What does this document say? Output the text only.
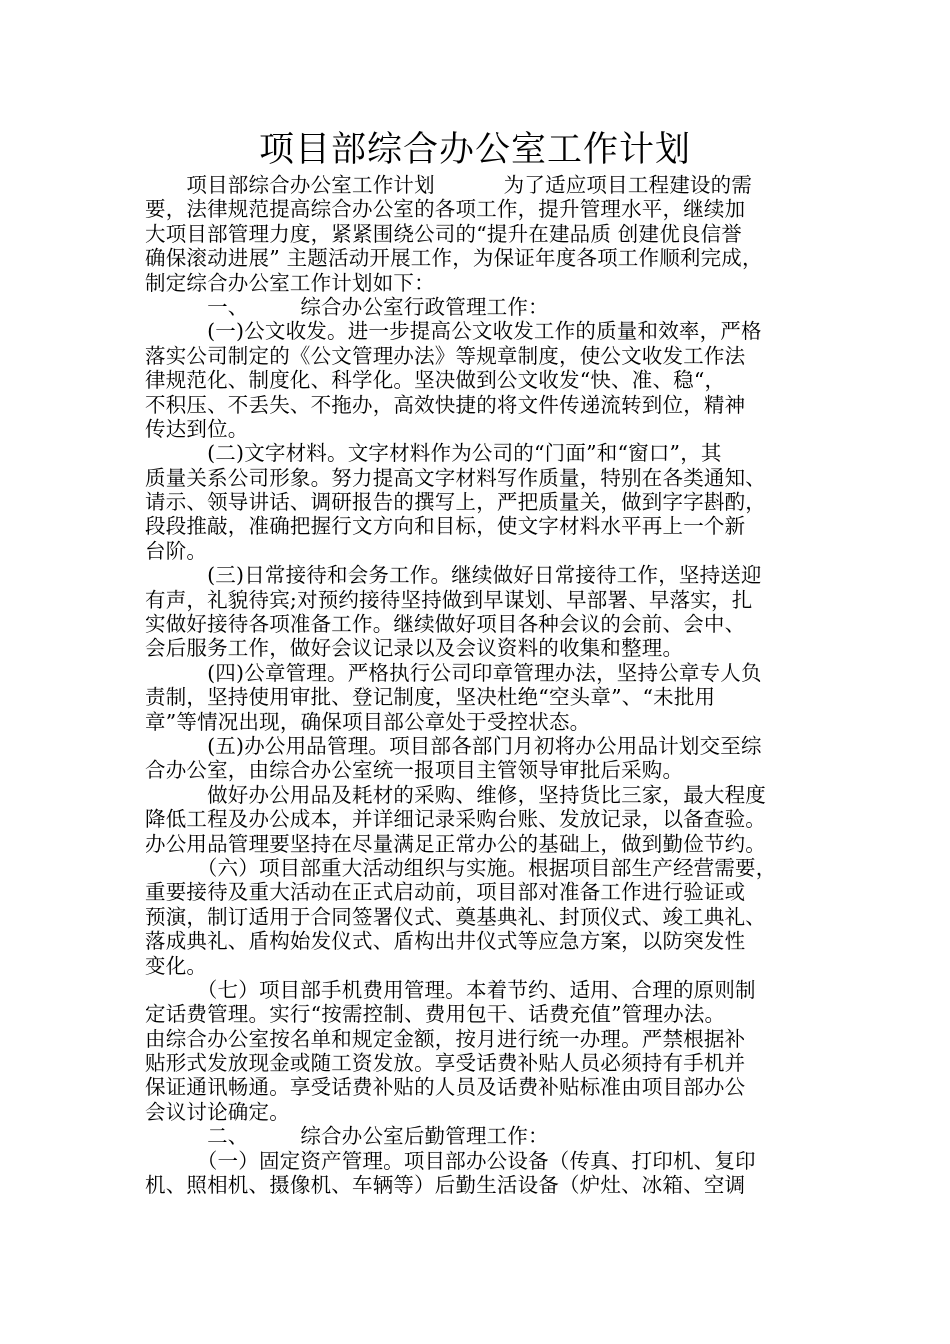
项目部综合办公室工作计划
　　项目部综合办公室工作计划　　　 为了适应项目工程建设的需
要，法律规范提高综合办公室的各项工作，提升管理水平，继续加
大项目部管理力度，紧紧围绕公司的“提升在建品质 创建优良信誉
确保滚动进展” 主题活动开展工作，为保证年度各项工作顺利完成，
制定综合办公室工作计划如下：
　　　一、　　　综合办公室行政管理工作：
　　　(一)公文收发。进一步提高公文收发工作的质量和效率，严格
落实公司制定的《公文管理办法》等规章制度，使公文收发工作法
律规范化、制度化、科学化。坚决做到公文收发“快、准、稳“，
不积压、不丢失、不拖办，高效快捷的将文件传递流转到位，精神
传达到位。
　　　(二)文字材料。文字材料作为公司的“门面”和“窗口”，其
质量关系公司形象。努力提高文字材料写作质量，特别在各类通知、
请示、领导讲话、调研报告的撰写上，严把质量关，做到字字斟酌，
段段推敲，准确把握行文方向和目标，使文字材料水平再上一个新
台阶。
　　　(三)日常接待和会务工作。继续做好日常接待工作，坚持送迎
有声，礼貌待宾;对预约接待坚持做到早谋划、早部署、早落实，扎
实做好接待各项准备工作。继续做好项目各种会议的会前、会中、
会后服务工作，做好会议记录以及会议资料的收集和整理。
　　　(四)公章管理。严格执行公司印章管理办法，坚持公章专人负
责制，坚持使用审批、登记制度，坚决杜绝“空头章”、“未批用
章”等情况出现，确保项目部公章处于受控状态。
　　　(五)办公用品管理。项目部各部门月初将办公用品计划交至综
合办公室，由综合办公室统一报项目主管领导审批后采购。
　　　做好办公用品及耗材的采购、维修，坚持货比三家，最大程度
降低工程及办公成本，并详细记录采购台账、发放记录，以备查验。
办公用品管理要坚持在尽量满足正常办公的基础上，做到勤俭节约。
　　　（六）项目部重大活动组织与实施。根据项目部生产经营需要，
重要接待及重大活动在正式启动前，项目部对准备工作进行验证或
预演，制订适用于合同签署仪式、奠基典礼、封顶仪式、竣工典礼、
落成典礼、盾构始发仪式、盾构出井仪式等应急方案，以防突发性
变化。
　　　（七）项目部手机费用管理。本着节约、适用、合理的原则制
定话费管理。实行“按需控制、费用包干、话费充值”管理办法。
由综合办公室按名单和规定金额，按月进行统一办理。严禁根据补
贴形式发放现金或随工资发放。享受话费补贴人员必须持有手机并
保证通讯畅通。享受话费补贴的人员及话费补贴标准由项目部办公
会议讨论确定。
　　　二、　　　综合办公室后勤管理工作：
　　　（一）固定资产管理。项目部办公设备（传真、打印机、复印
机、照相机、摄像机、车辆等）后勤生活设备（炉灶、冰箱、空调
